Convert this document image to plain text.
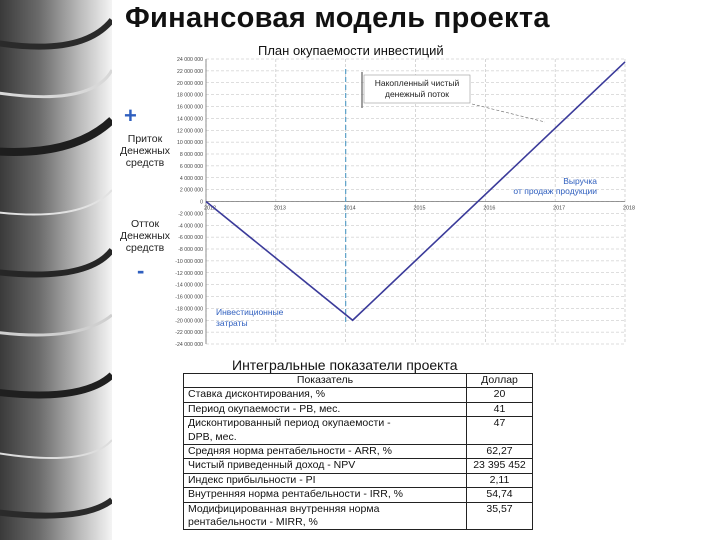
Финансовая модель проекта
План окупаемости инвестиций
+
Приток
Денежных
средств
Отток
Денежных
средств
-
24 000 000
22 000 000
20 000 000
18 000 000
16 000 000
14 000 000
12 000 000
10 000 000
8 000 000
6 000 000
4 000 000
2 000 000
0
-2 000 000
-4 000 000
-6 000 000
-8 000 000
-10 000 000
-12 000 000
-14 000 000
-16 000 000
-18 000 000
-20 000 000
-22 000 000
-24 000 000
2012	2013	2014	2015	2016	2017	2018
Накопленный чистый
денежный поток
Выручка
от продаж продукции
Инвестиционные
затраты
Интегральные показатели проекта
Показатель	Доллар

Ставка дисконтирования, %	20

Период окупаемости - PB, мес.	41

Дисконтированный период окупаемости -
DPB, мес.	47

Средняя норма рентабельности - ARR, %	62,27

Чистый приведенный доход - NPV	23 395 452

Индекс прибыльности - PI	2,11

Внутренняя норма рентабельности - IRR, %	54,74

Модифицированная внутренняя норма
рентабельности - MIRR, %	35,57
